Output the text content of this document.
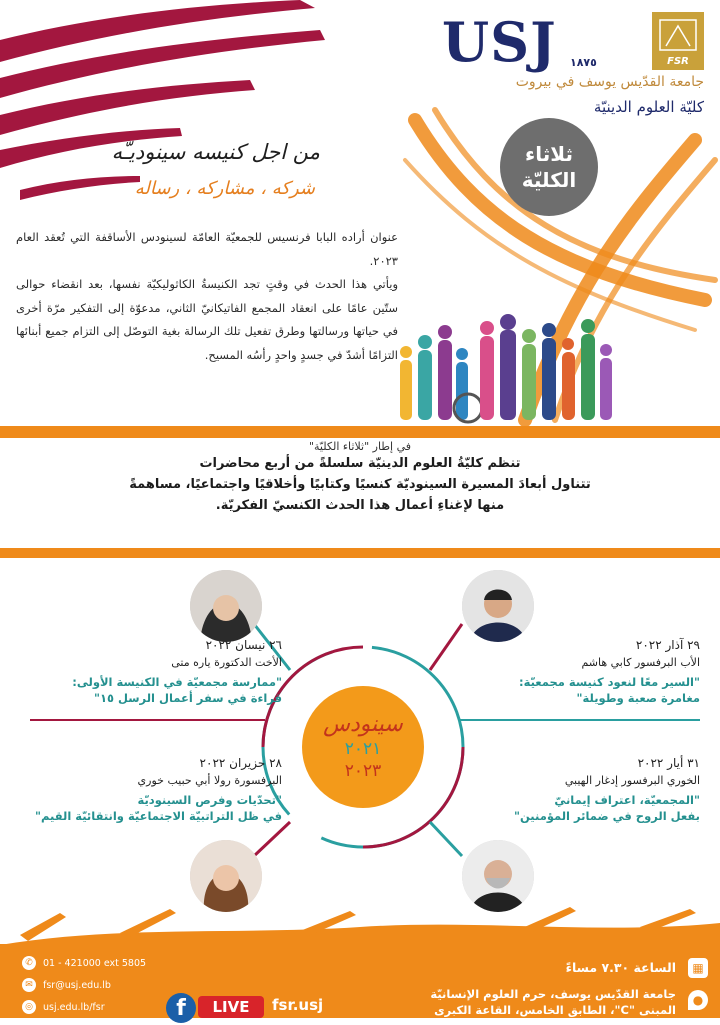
USJ ١٨٧٥	FSR
جامعة القدّيس يوسف في بيروت
كليّة العلوم الدينيّة
ثلاثاء
الكليّة
من اجل كنيسه سينوديـّه
شركه ، مشاركه ، رساله

عنوان أراده البابا فرنسيس للجمعيّة العامّة لسينودس الأساقفة التي تُعقد العام ٢٠٢٣.

ويأتي هذا الحدث في وقتٍ تجد الكنيسةُ الكاثوليكيّة نفسها، بعد انقضاء حوالى ستّين عامًا على انعقاد المجمع الفاتيكانيّ الثاني، مدعوّة إلى التفكير مرّة أخرى في حياتها ورسالتها وطرق تفعيل تلك الرسالة بغية التوصّل إلى التزام جميع أبنائها التزامًا أشدّ في جسدٍ واحدٍ رأسُه المسيح.

في إطار "ثلاثاء الكليّة"
تنظم كليّةُ العلوم الدينيّة سلسلةً من أربع محاضرات
تتناول أبعادَ المسيرة السينوديّة كنسيًا وكتابيًا وأخلاقيًا واجتماعيًا، مساهمةً
منها لإغناءِ أعمال هذا الحدث الكنسيّ الفكريّة.
سينودس
٢٠٢١
٢٠٢٣
٢٩ آذار ٢٠٢٢
الأب البرفسور كابي هاشم
"السير معًا لنعود كنيسة مجمعيّة:
مغامرة صعبة وطويلة"
٢٦ نيسان ٢٠٢٢
الأخت الدكتورة ياره متى
"ممارسة مجمعيّة في الكنيسة الأولى:
قراءة في سفر أعمال الرسل ١٥"
٣١ أيار ٢٠٢٢
الخوري البرفسور إدغار الهيبي
"المجمعيّة، اعتراف إيمانيّ
بفعل الروح في ضمائر المؤمنين"
٢٨ حزيران ٢٠٢٢
البرفسورة رولا أبي حبيب خوري
"تحدّيات وفرص السينوديّة
في ظل التراتبيّة الاجتماعيّة وانتقائيّة القيم"
✆	01 - 421000 ext 5805
✉	fsr@usj.edu.lb
◎	usj.edu.lb/fsr	f	LIVE	fsr.usj
▦
الساعة ٧.٣٠ مساءً
●
جامعة القدّيس يوسف، حرم العلوم الإنسانيّة
المبنى "C"، الطابق الخامس، القاعة الكبرى
